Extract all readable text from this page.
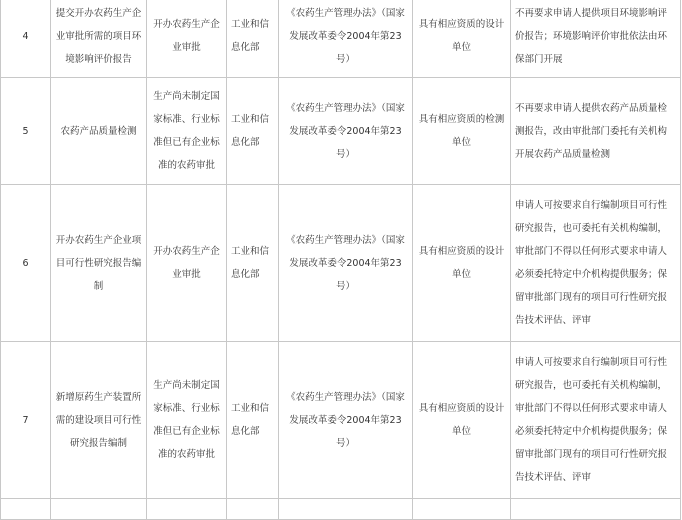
4	提交开办农药生产企业审批所需的项目环境影响评价报告	开办农药生产企业审批	工业和信息化部	《农药生产管理办法》（国家发展改革委令2004年第23号）	具有相应资质的设计单位	不再要求申请人提供项目环境影响评价报告；环境影响评价审批依法由环保部门开展
5	农药产品质量检测	生产尚未制定国家标准、行业标准但已有企业标准的农药审批	工业和信息化部	《农药生产管理办法》（国家发展改革委令2004年第23号）	具有相应资质的检测单位	不再要求申请人提供农药产品质量检测报告，改由审批部门委托有关机构开展农药产品质量检测
6	开办农药生产企业项目可行性研究报告编制	开办农药生产企业审批	工业和信息化部	《农药生产管理办法》（国家发展改革委令2004年第23号）	具有相应资质的设计单位	申请人可按要求自行编制项目可行性研究报告，也可委托有关机构编制，审批部门不得以任何形式要求申请人必须委托特定中介机构提供服务；保留审批部门现有的项目可行性研究报告技术评估、评审
7	新增原药生产装置所需的建设项目可行性研究报告编制	生产尚未制定国家标准、行业标准但已有企业标准的农药审批	工业和信息化部	《农药生产管理办法》（国家发展改革委令2004年第23号）	具有相应资质的设计单位	申请人可按要求自行编制项目可行性研究报告，也可委托有关机构编制，审批部门不得以任何形式要求申请人必须委托特定中介机构提供服务；保留审批部门现有的项目可行性研究报告技术评估、评审
